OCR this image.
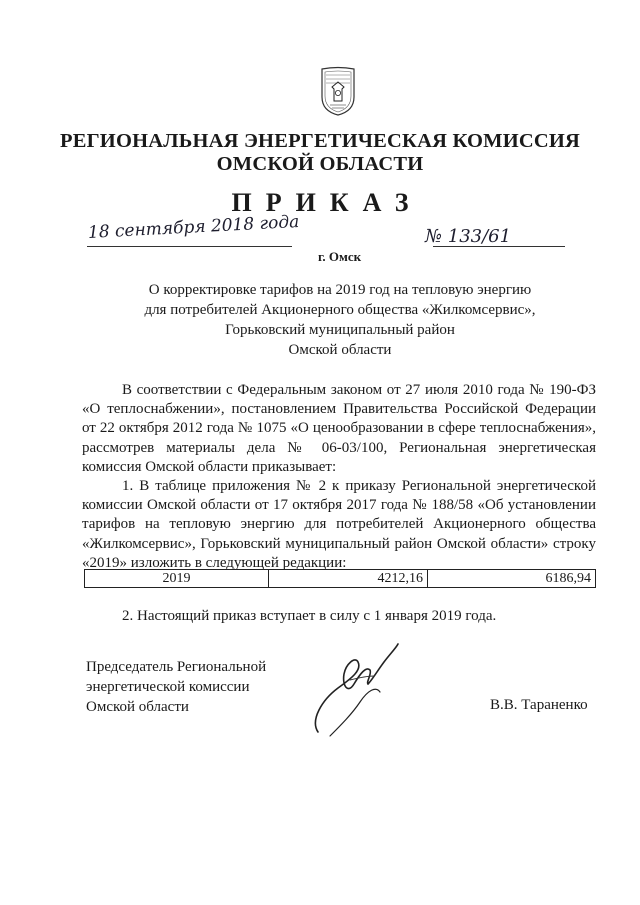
РЕГИОНАЛЬНАЯ ЭНЕРГЕТИЧЕСКАЯ КОМИССИЯ
ОМСКОЙ ОБЛАСТИ
ПРИКАЗ
18 сентября 2018 года
г. Омск
№ 133/61
О корректировке тарифов на 2019 год на тепловую энергию
для потребителей Акционерного общества «Жилкомсервис»,
Горьковский муниципальный район
Омской области

В соответствии с Федеральным законом от 27 июля 2010 года № 190-ФЗ «О теплоснабжении», постановлением Правительства Российской Федерации от 22 октября 2012 года № 1075 «О ценообразовании в сфере теплоснабжения», рассмотрев материалы дела № 06-03/100, Региональная энергетическая комиссия Омской области приказывает:

1. В таблице приложения № 2 к приказу Региональной энергетической комиссии Омской области от 17 октября 2017 года № 188/58 «Об установлении тарифов на тепловую энергию для потребителей Акционерного общества «Жилкомсервис», Горьковский муниципальный район Омской области» строку «2019» изложить в следующей редакции:

2019	4212,16	6186,94
2. Настоящий приказ вступает в силу с 1 января 2019 года.
Председатель Региональной
энергетической комиссии
Омской области	В.В. Тараненко
